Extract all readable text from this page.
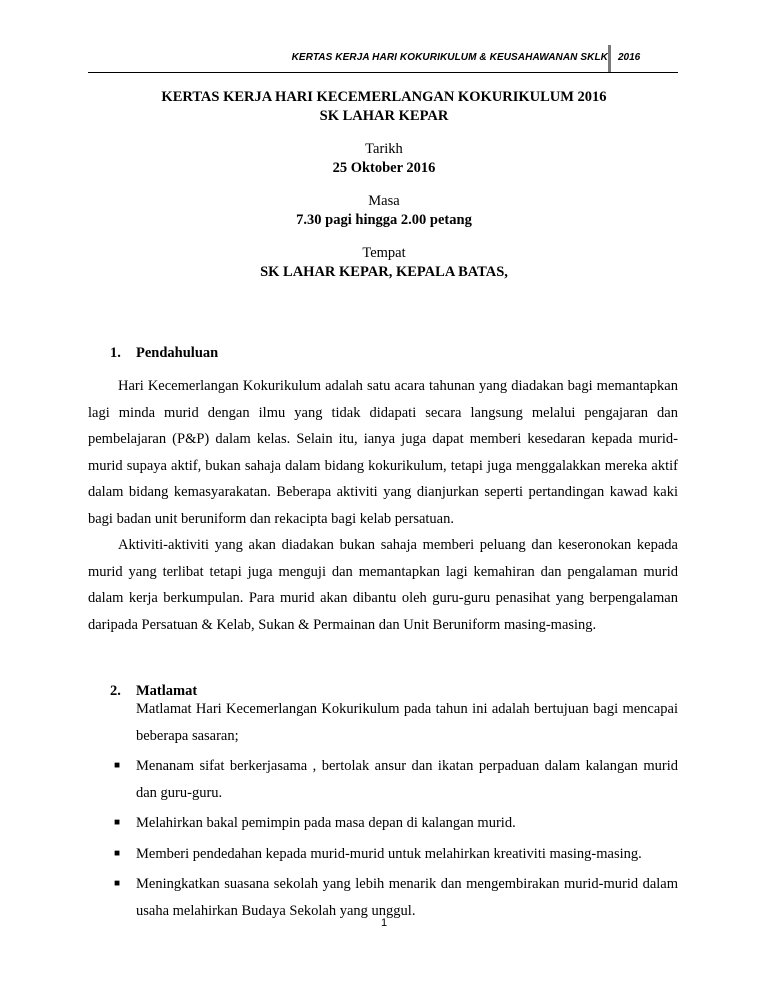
KERTAS KERJA HARI KOKURIKULUM & KEUSAHAWANAN SKLK 2016
KERTAS KERJA HARI KECEMERLANGAN KOKURIKULUM 2016
SK LAHAR KEPAR
Tarikh
25 Oktober 2016
Masa
7.30 pagi hingga 2.00 petang
Tempat
SK LAHAR KEPAR, KEPALA BATAS,
1. Pendahuluan

Hari Kecemerlangan Kokurikulum adalah satu acara tahunan yang diadakan bagi memantapkan lagi minda murid dengan ilmu yang tidak didapati secara langsung melalui pengajaran dan pembelajaran (P&P) dalam kelas. Selain itu, ianya juga dapat memberi kesedaran kepada murid-murid supaya aktif, bukan sahaja dalam bidang kokurikulum, tetapi juga menggalakkan mereka aktif dalam bidang kemasyarakatan. Beberapa aktiviti yang dianjurkan seperti pertandingan kawad kaki bagi badan unit beruniform dan rekacipta bagi kelab persatuan.

Aktiviti-aktiviti yang akan diadakan bukan sahaja memberi peluang dan keseronokan kepada murid yang terlibat tetapi juga menguji dan memantapkan lagi kemahiran dan pengalaman murid dalam kerja berkumpulan. Para murid akan dibantu oleh guru-guru penasihat yang berpengalaman daripada Persatuan & Kelab, Sukan & Permainan dan Unit Beruniform masing-masing.

2. Matlamat

Matlamat Hari Kecemerlangan Kokurikulum pada tahun ini adalah bertujuan bagi mencapai beberapa sasaran;

■ Menanam sifat berkerjasama , bertolak ansur dan ikatan perpaduan dalam kalangan murid dan guru-guru.
■ Melahirkan bakal pemimpin pada masa depan di kalangan murid.
■ Memberi pendedahan kepada murid-murid untuk melahirkan kreativiti masing-masing.
■ Meningkatkan suasana sekolah yang lebih menarik dan mengembirakan murid-murid dalam usaha melahirkan Budaya Sekolah yang unggul.
1
